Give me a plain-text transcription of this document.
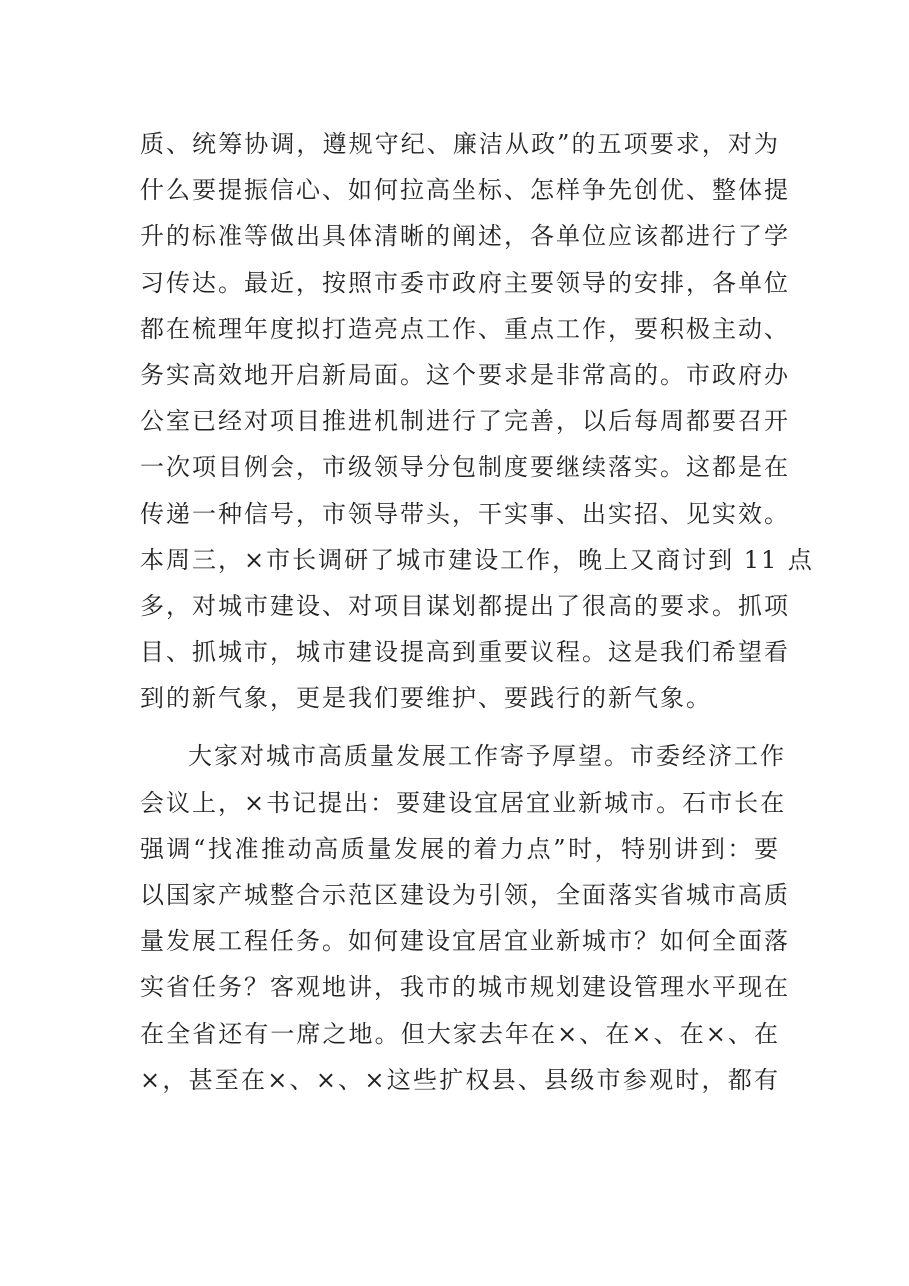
质、统筹协调，遵规守纪、廉洁从政”的五项要求，对为
什么要提振信心、如何拉高坐标、怎样争先创优、整体提
升的标准等做出具体清晰的阐述，各单位应该都进行了学
习传达。最近，按照市委市政府主要领导的安排，各单位
都在梳理年度拟打造亮点工作、重点工作，要积极主动、
务实高效地开启新局面。这个要求是非常高的。市政府办
公室已经对项目推进机制进行了完善，以后每周都要召开
一次项目例会，市级领导分包制度要继续落实。这都是在
传递一种信号，市领导带头，干实事、出实招、见实效。
本周三，×市长调研了城市建设工作，晚上又商讨到 11 点
多，对城市建设、对项目谋划都提出了很高的要求。抓项
目、抓城市，城市建设提高到重要议程。这是我们希望看
到的新气象，更是我们要维护、要践行的新气象。
大家对城市高质量发展工作寄予厚望。市委经济工作
会议上，×书记提出：要建设宜居宜业新城市。石市长在
强调“找准推动高质量发展的着力点”时，特别讲到：要
以国家产城整合示范区建设为引领，全面落实省城市高质
量发展工程任务。如何建设宜居宜业新城市？如何全面落
实省任务？客观地讲，我市的城市规划建设管理水平现在
在全省还有一席之地。但大家去年在×、在×、在×、在
×，甚至在×、×、×这些扩权县、县级市参观时，都有
